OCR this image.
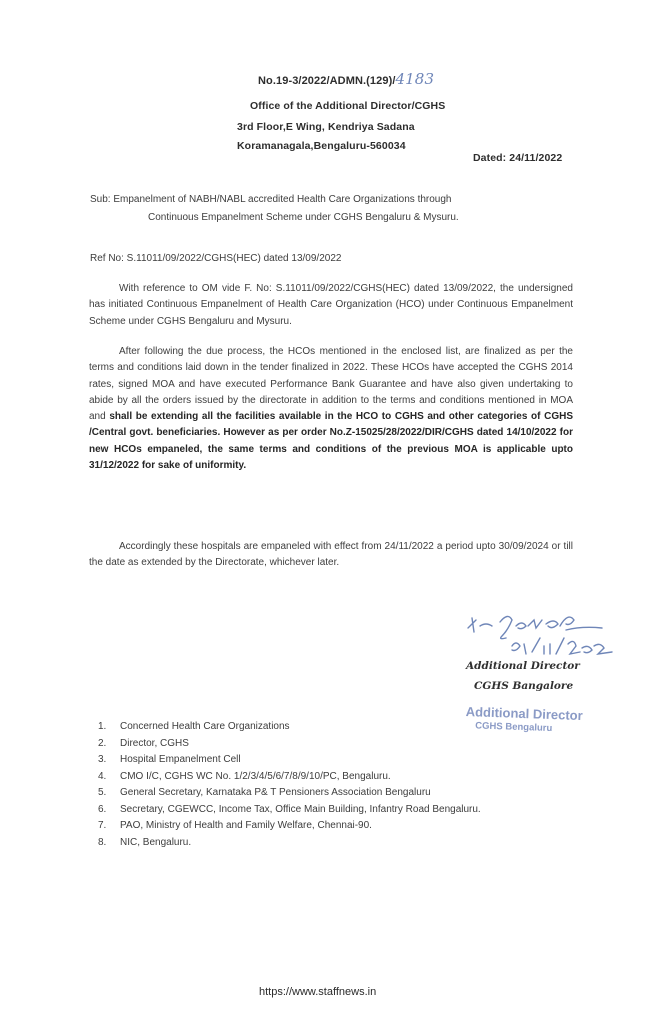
No.19-3/2022/ADMN.(129)/4183
Office of the Additional Director/CGHS
3rd Floor,E Wing, Kendriya Sadana
Koramanagala,Bengaluru-560034
Dated: 24/11/2022
Sub: Empanelment of NABH/NABL accredited Health Care Organizations through
Continuous Empanelment Scheme under CGHS Bengaluru & Mysuru.
Ref No: S.11011/09/2022/CGHS(HEC) dated 13/09/2022
With reference to OM vide F. No: S.11011/09/2022/CGHS(HEC) dated 13/09/2022, the undersigned has initiated Continuous Empanelment of Health Care Organization (HCO) under Continuous Empanelment Scheme under CGHS Bengaluru and Mysuru.
After following the due process, the HCOs mentioned in the enclosed list, are finalized as per the terms and conditions laid down in the tender finalized in 2022. These HCOs have accepted the CGHS 2014 rates, signed MOA and have executed Performance Bank Guarantee and have also given undertaking to abide by all the orders issued by the directorate in addition to the terms and conditions mentioned in MOA and shall be extending all the facilities available in the HCO to CGHS and other categories of CGHS /Central govt. beneficiaries. However as per order No.Z-15025/28/2022/DIR/CGHS dated 14/10/2022 for new HCOs empaneled, the same terms and conditions of the previous MOA is applicable upto 31/12/2022 for sake of uniformity.
Accordingly these hospitals are empaneled with effect from 24/11/2022 a period upto 30/09/2024 or till the date as extended by the Directorate, whichever later.
Additional Director
CGHS Bangalore
Additional Director
CGHS Bengaluru
1. Concerned Health Care Organizations
2. Director, CGHS
3. Hospital Empanelment Cell
4. CMO I/C, CGHS WC No. 1/2/3/4/5/6/7/8/9/10/PC, Bengaluru.
5. General Secretary, Karnataka P& T Pensioners Association Bengaluru
6. Secretary, CGEWCC, Income Tax, Office Main Building, Infantry Road Bengaluru.
7. PAO, Ministry of Health and Family Welfare, Chennai-90.
8. NIC, Bengaluru.
https://www.staffnews.in
